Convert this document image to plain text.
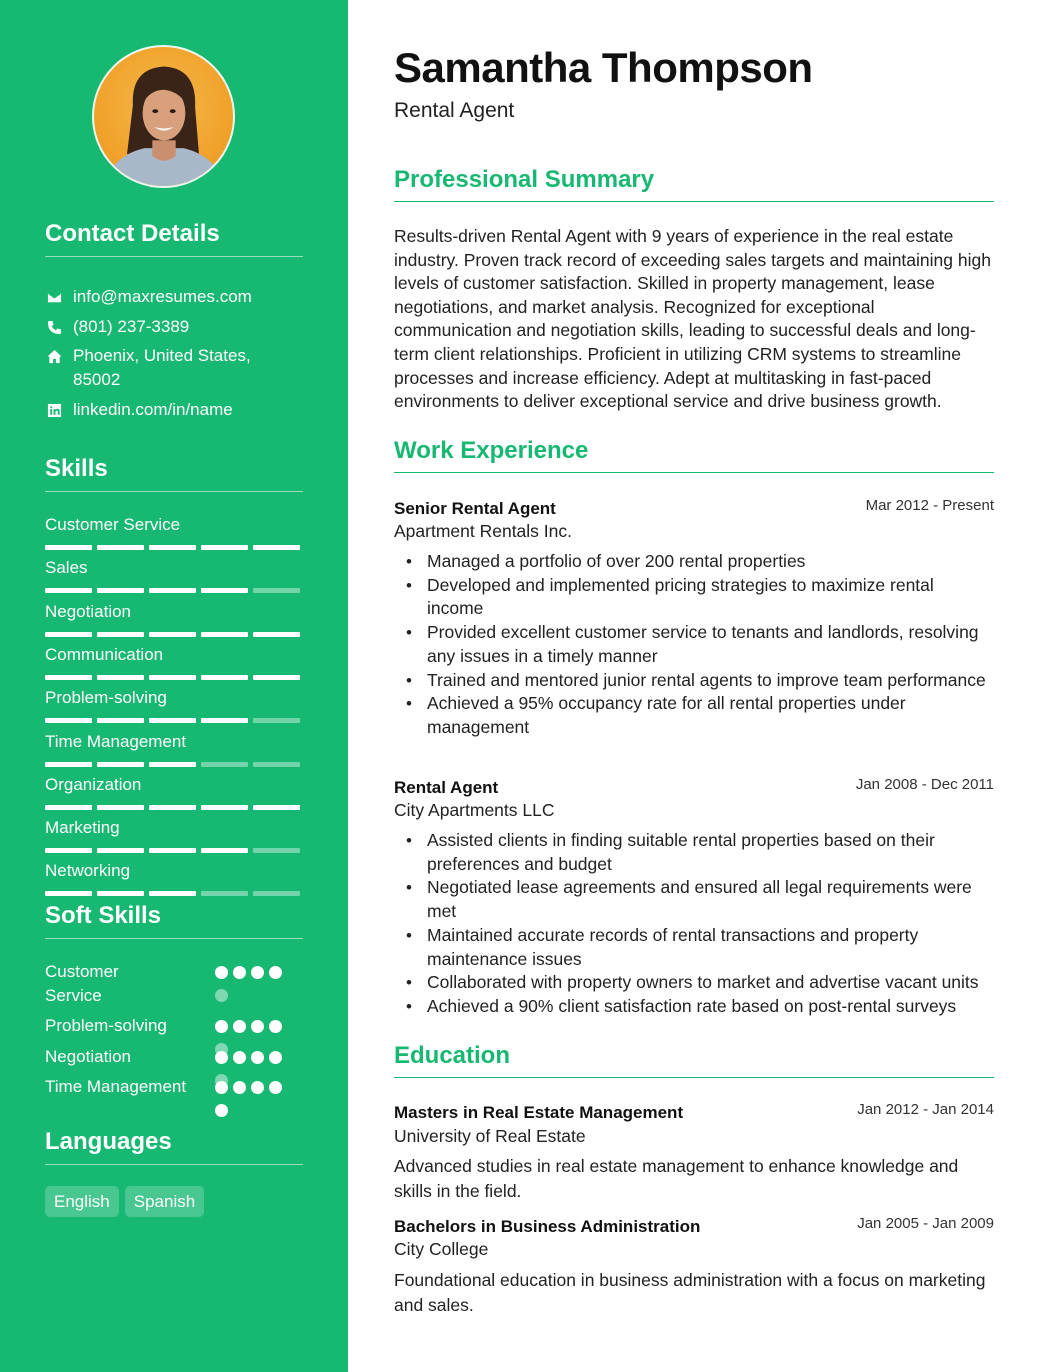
Contact Details
info@maxresumes.com
(801) 237-3389
Phoenix, United States, 85002
linkedin.com/in/name
Skills
Customer Service
Sales
Negotiation
Communication
Problem-solving
Time Management
Organization
Marketing
Networking
Soft Skills
Customer Service
Problem-solving
Negotiation
Time Management
Languages
English	Spanish
Samantha Thompson
Rental Agent
Professional Summary
Results-driven Rental Agent with 9 years of experience in the real estate industry. Proven track record of exceeding sales targets and maintaining high levels of customer satisfaction. Skilled in property management, lease negotiations, and market analysis. Recognized for exceptional communication and negotiation skills, leading to successful deals and long-term client relationships. Proficient in utilizing CRM systems to streamline processes and increase efficiency. Adept at multitasking in fast-paced environments to deliver exceptional service and drive business growth.
Work Experience
Senior Rental Agent	Mar 2012 - Present
Apartment Rentals Inc.
• Managed a portfolio of over 200 rental properties
• Developed and implemented pricing strategies to maximize rental income
• Provided excellent customer service to tenants and landlords, resolving any issues in a timely manner
• Trained and mentored junior rental agents to improve team performance
• Achieved a 95% occupancy rate for all rental properties under management
Rental Agent	Jan 2008 - Dec 2011
City Apartments LLC
• Assisted clients in finding suitable rental properties based on their preferences and budget
• Negotiated lease agreements and ensured all legal requirements were met
• Maintained accurate records of rental transactions and property maintenance issues
• Collaborated with property owners to market and advertise vacant units
• Achieved a 90% client satisfaction rate based on post-rental surveys
Education
Masters in Real Estate Management	Jan 2012 - Jan 2014
University of Real Estate
Advanced studies in real estate management to enhance knowledge and skills in the field.
Bachelors in Business Administration	Jan 2005 - Jan 2009
City College
Foundational education in business administration with a focus on marketing and sales.
